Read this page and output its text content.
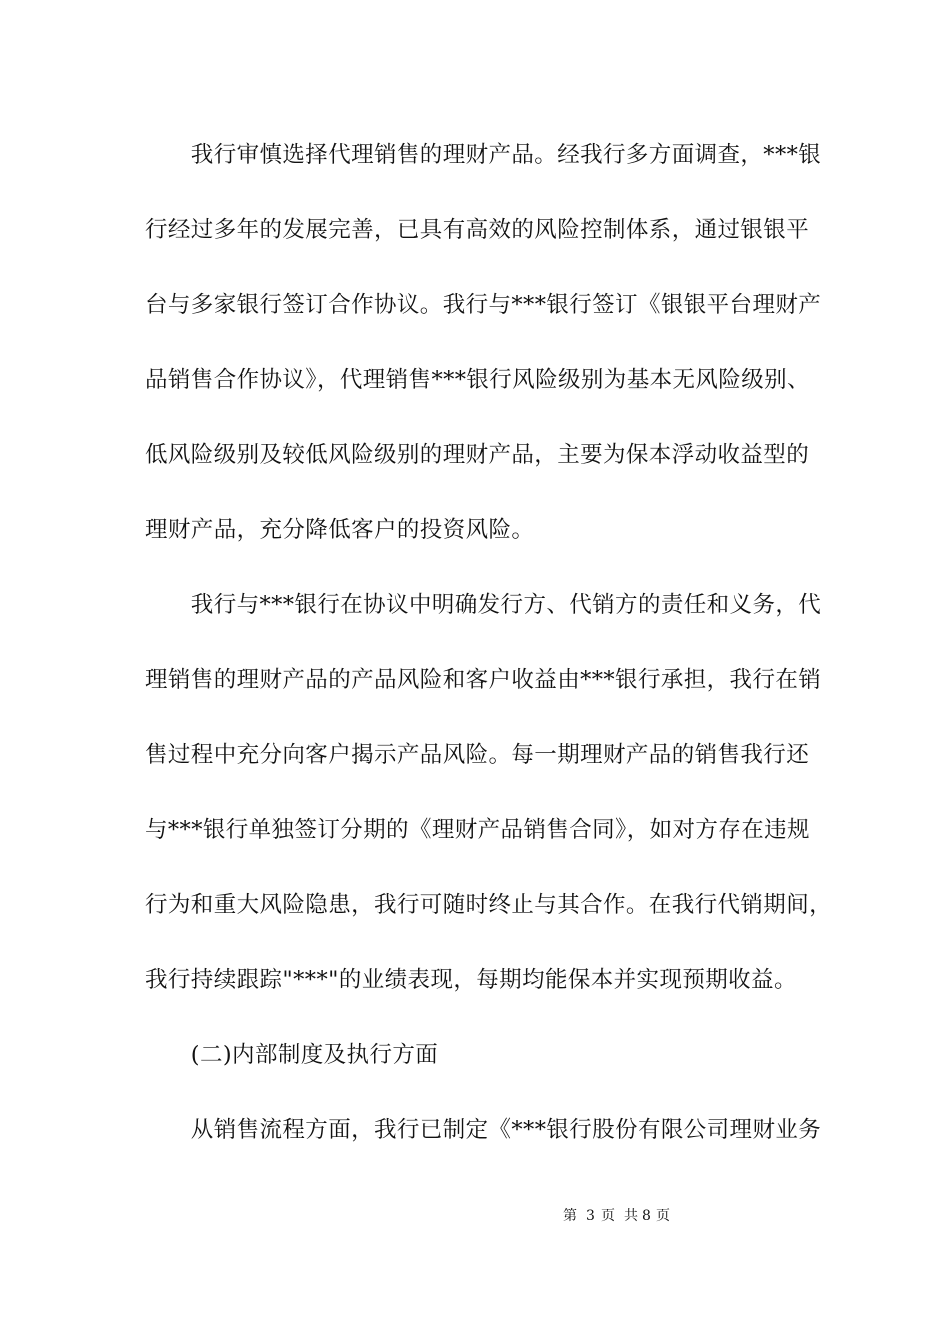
　　我行审慎选择代理销售的理财产品。经我行多方面调查，***银
行经过多年的发展完善，已具有高效的风险控制体系，通过银银平
台与多家银行签订合作协议。我行与***银行签订《银银平台理财产
品销售合作协议》，代理销售***银行风险级别为基本无风险级别、
低风险级别及较低风险级别的理财产品，主要为保本浮动收益型的
理财产品，充分降低客户的投资风险。
　　我行与***银行在协议中明确发行方、代销方的责任和义务，代
理销售的理财产品的产品风险和客户收益由***银行承担，我行在销
售过程中充分向客户揭示产品风险。每一期理财产品的销售我行还
与***银行单独签订分期的《理财产品销售合同》，如对方存在违规
行为和重大风险隐患，我行可随时终止与其合作。在我行代销期间，
我行持续跟踪"***"的业绩表现，每期均能保本并实现预期收益。
　　(二)内部制度及执行方面
　　从销售流程方面，我行已制定《***银行股份有限公司理财业务
第 3 页 共 8 页
